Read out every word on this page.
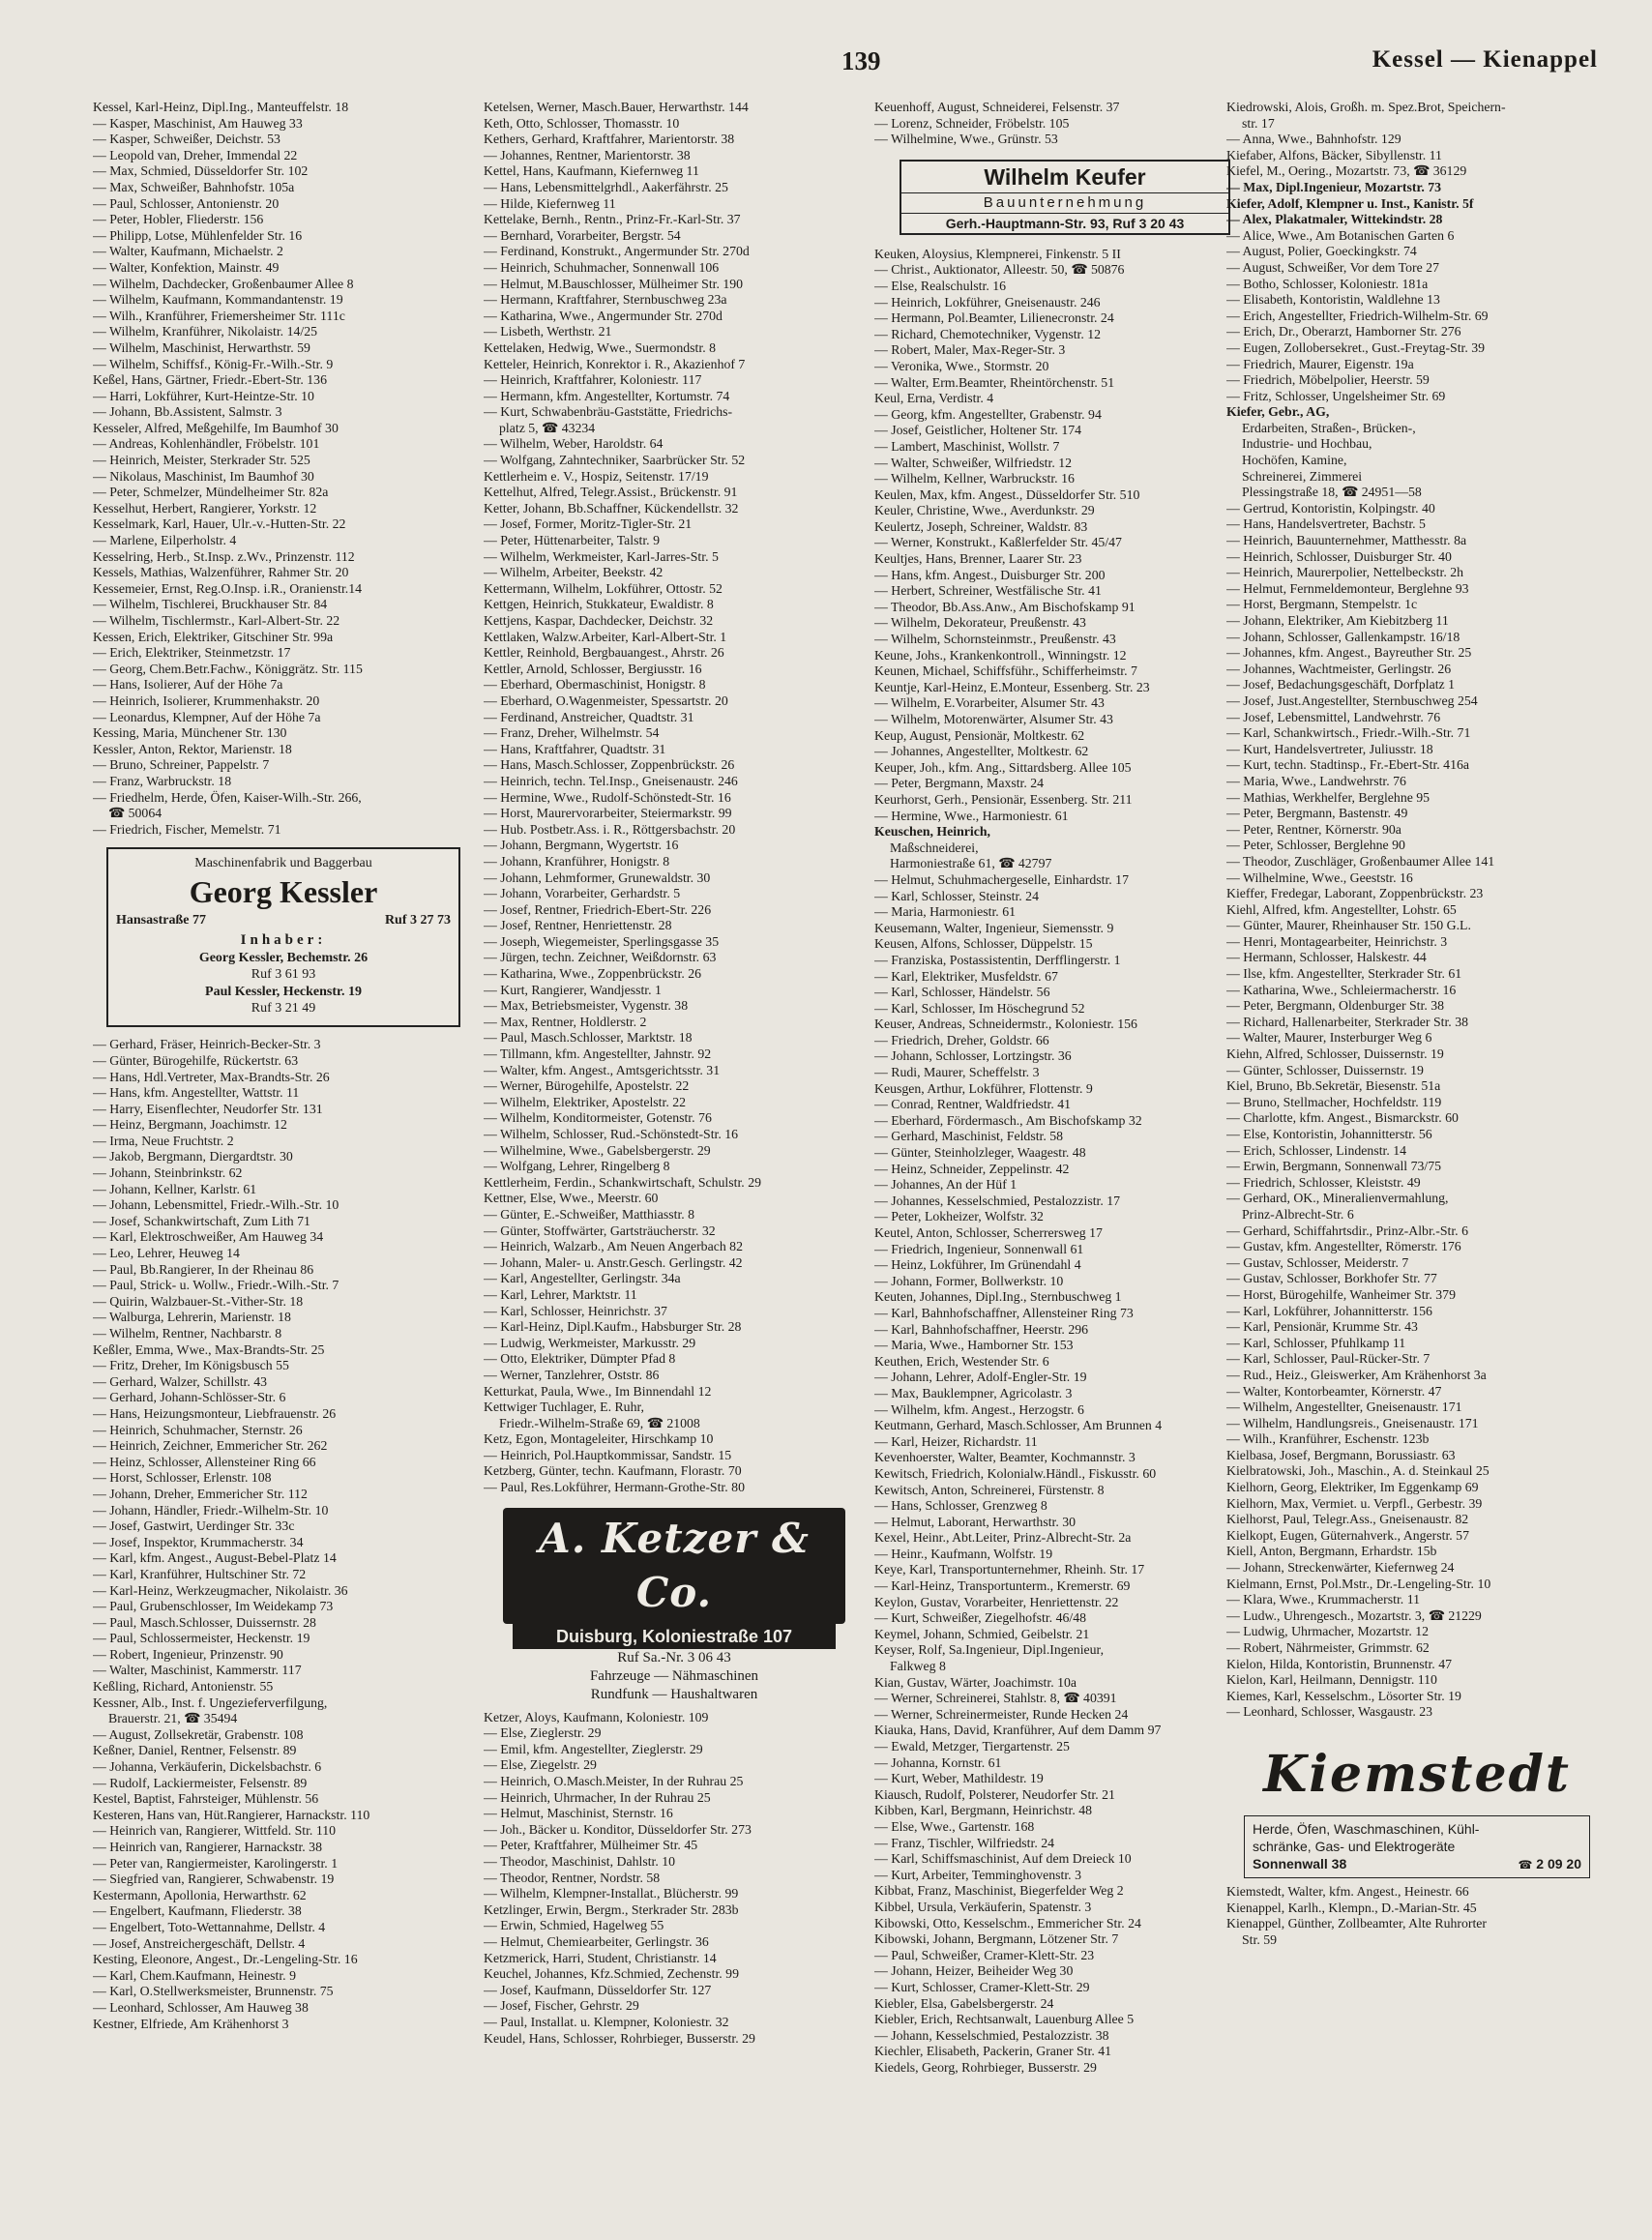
139	Kessel — Kienappel
Kessel, Karl-Heinz, Dipl.Ing., Manteuffelstr. 18
— Kasper, Maschinist, Am Hauweg 33
— Kasper, Schweißer, Deichstr. 53
— Leopold van, Dreher, Immendal 22
— Max, Schmied, Düsseldorfer Str. 102
— Max, Schweißer, Bahnhofstr. 105a
— Paul, Schlosser, Antonienstr. 20
— Peter, Hobler, Fliederstr. 156
— Philipp, Lotse, Mühlenfelder Str. 16
— Walter, Kaufmann, Michaelstr. 2
— Walter, Konfektion, Mainstr. 49
— Wilhelm, Dachdecker, Großenbaumer Allee 8
— Wilhelm, Kaufmann, Kommandantenstr. 19
— Wilh., Kranführer, Friemersheimer Str. 111c
— Wilhelm, Kranführer, Nikolaistr. 14/25
— Wilhelm, Maschinist, Herwarthstr. 59
— Wilhelm, Schiffsf., König-Fr.-Wilh.-Str. 9
Keßel, Hans, Gärtner, Friedr.-Ebert-Str. 136
— Harri, Lokführer, Kurt-Heintze-Str. 10
— Johann, Bb.Assistent, Salmstr. 3
Kesseler, Alfred, Meßgehilfe, Im Baumhof 30
— Andreas, Kohlenhändler, Fröbelstr. 101
— Heinrich, Meister, Sterkrader Str. 525
— Nikolaus, Maschinist, Im Baumhof 30
— Peter, Schmelzer, Mündelheimer Str. 82a
Kesselhut, Herbert, Rangierer, Yorkstr. 12
Kesselmark, Karl, Hauer, Ulr.-v.-Hutten-Str. 22
— Marlene, Eilperholstr. 4
Kesselring, Herb., St.Insp. z.Wv., Prinzenstr. 112
Kessels, Mathias, Walzenführer, Rahmer Str. 20
Kessemeier, Ernst, Reg.O.Insp. i.R., Oranienstr.14
— Wilhelm, Tischlerei, Bruckhauser Str. 84
— Wilhelm, Tischlermstr., Karl-Albert-Str. 22
Kessen, Erich, Elektriker, Gitschiner Str. 99a
— Erich, Elektriker, Steinmetzstr. 17
— Georg, Chem.Betr.Fachw., Königgrätz. Str. 115
— Hans, Isolierer, Auf der Höhe 7a
— Heinrich, Isolierer, Krummenhakstr. 20
— Leonardus, Klempner, Auf der Höhe 7a
Kessing, Maria, Münchener Str. 130
Kessler, Anton, Rektor, Marienstr. 18
— Bruno, Schreiner, Pappelstr. 7
— Franz, Warbruckstr. 18
— Friedhelm, Herde, Öfen, Kaiser-Wilh.-Str. 266,
☎ 50064
— Friedrich, Fischer, Memelstr. 71
Maschinenfabrik und Baggerbau
Georg Kessler
Hansastraße 77	Ruf 3 27 73
Inhaber:
Georg Kessler, Bechemstr. 26
Ruf 3 61 93
Paul Kessler, Heckenstr. 19
Ruf 3 21 49
— Gerhard, Fräser, Heinrich-Becker-Str. 3
— Günter, Bürogehilfe, Rückertstr. 63
— Hans, Hdl.Vertreter, Max-Brandts-Str. 26
— Hans, kfm. Angestellter, Wattstr. 11
— Harry, Eisenflechter, Neudorfer Str. 131
— Heinz, Bergmann, Joachimstr. 12
— Irma, Neue Fruchtstr. 2
— Jakob, Bergmann, Diergardtstr. 30
— Johann, Steinbrinkstr. 62
— Johann, Kellner, Karlstr. 61
— Johann, Lebensmittel, Friedr.-Wilh.-Str. 10
— Josef, Schankwirtschaft, Zum Lith 71
— Karl, Elektroschweißer, Am Hauweg 34
— Leo, Lehrer, Heuweg 14
— Paul, Bb.Rangierer, In der Rheinau 86
— Paul, Strick- u. Wollw., Friedr.-Wilh.-Str. 7
— Quirin, Walzbauer-St.-Vither-Str. 18
— Walburga, Lehrerin, Marienstr. 18
— Wilhelm, Rentner, Nachbarstr. 8
Keßler, Emma, Wwe., Max-Brandts-Str. 25
— Fritz, Dreher, Im Königsbusch 55
— Gerhard, Walzer, Schillstr. 43
— Gerhard, Johann-Schlösser-Str. 6
— Hans, Heizungsmonteur, Liebfrauenstr. 26
— Heinrich, Schuhmacher, Sternstr. 26
— Heinrich, Zeichner, Emmericher Str. 262
— Heinz, Schlosser, Allensteiner Ring 66
— Horst, Schlosser, Erlenstr. 108
— Johann, Dreher, Emmericher Str. 112
— Johann, Händler, Friedr.-Wilhelm-Str. 10
— Josef, Gastwirt, Uerdinger Str. 33c
— Josef, Inspektor, Krummacherstr. 34
— Karl, kfm. Angest., August-Bebel-Platz 14
— Karl, Kranführer, Hultschiner Str. 72
— Karl-Heinz, Werkzeugmacher, Nikolaistr. 36
— Paul, Grubenschlosser, Im Weidekamp 73
— Paul, Masch.Schlosser, Duissernstr. 28
— Paul, Schlossermeister, Heckenstr. 19
— Robert, Ingenieur, Prinzenstr. 90
— Walter, Maschinist, Kammerstr. 117
Keßling, Richard, Antonienstr. 55
Kessner, Alb., Inst. f. Ungezieferverfilgung,
Brauerstr. 21, ☎ 35494
— August, Zollsekretär, Grabenstr. 108
Keßner, Daniel, Rentner, Felsenstr. 89
— Johanna, Verkäuferin, Dickelsbachstr. 6
— Rudolf, Lackiermeister, Felsenstr. 89
Kestel, Baptist, Fahrsteiger, Mühlenstr. 56
Kesteren, Hans van, Hüt.Rangierer, Harnackstr. 110
— Heinrich van, Rangierer, Wittfeld. Str. 110
— Heinrich van, Rangierer, Harnackstr. 38
— Peter van, Rangiermeister, Karolingerstr. 1
— Siegfried van, Rangierer, Schwabenstr. 19
Kestermann, Apollonia, Herwarthstr. 62
— Engelbert, Kaufmann, Fliederstr. 38
— Engelbert, Toto-Wettannahme, Dellstr. 4
— Josef, Anstreichergeschäft, Dellstr. 4
Kesting, Eleonore, Angest., Dr.-Lengeling-Str. 16
— Karl, Chem.Kaufmann, Heinestr. 9
— Karl, O.Stellwerksmeister, Brunnenstr. 75
— Leonhard, Schlosser, Am Hauweg 38
Kestner, Elfriede, Am Krähenhorst 3
Ketelsen, Werner, Masch.Bauer, Herwarthstr. 144
Keth, Otto, Schlosser, Thomasstr. 10
Kethers, Gerhard, Kraftfahrer, Marientorstr. 38
— Johannes, Rentner, Marientorstr. 38
Kettel, Hans, Kaufmann, Kiefernweg 11
— Hans, Lebensmittelgrhdl., Aakerfährstr. 25
— Hilde, Kiefernweg 11
Kettelake, Bernh., Rentn., Prinz-Fr.-Karl-Str. 37
— Bernhard, Vorarbeiter, Bergstr. 54
— Ferdinand, Konstrukt., Angermunder Str. 270d
— Heinrich, Schuhmacher, Sonnenwall 106
— Helmut, M.Bauschlosser, Mülheimer Str. 190
— Hermann, Kraftfahrer, Sternbuschweg 23a
— Katharina, Wwe., Angermunder Str. 270d
— Lisbeth, Werthstr. 21
Kettelaken, Hedwig, Wwe., Suermondstr. 8
Ketteler, Heinrich, Konrektor i. R., Akazienhof 7
— Heinrich, Kraftfahrer, Koloniestr. 117
— Hermann, kfm. Angestellter, Kortumstr. 74
— Kurt, Schwabenbräu-Gaststätte, Friedrichs-
platz 5, ☎ 43234
— Wilhelm, Weber, Haroldstr. 64
— Wolfgang, Zahntechniker, Saarbrücker Str. 52
Kettlerheim e. V., Hospiz, Seitenstr. 17/19
Kettelhut, Alfred, Telegr.Assist., Brückenstr. 91
Ketter, Johann, Bb.Schaffner, Kückendellstr. 32
— Josef, Former, Moritz-Tigler-Str. 21
— Peter, Hüttenarbeiter, Talstr. 9
— Wilhelm, Werkmeister, Karl-Jarres-Str. 5
— Wilhelm, Arbeiter, Beekstr. 42
Kettermann, Wilhelm, Lokführer, Ottostr. 52
Kettgen, Heinrich, Stukkateur, Ewaldistr. 8
Kettjens, Kaspar, Dachdecker, Deichstr. 32
Kettlaken, Walzw.Arbeiter, Karl-Albert-Str. 1
Kettler, Reinhold, Bergbauangest., Ahrstr. 26
Kettler, Arnold, Schlosser, Bergiusstr. 16
— Eberhard, Obermaschinist, Honigstr. 8
— Eberhard, O.Wagenmeister, Spessartstr. 20
— Ferdinand, Anstreicher, Quadtstr. 31
— Franz, Dreher, Wilhelmstr. 54
— Hans, Kraftfahrer, Quadtstr. 31
— Hans, Masch.Schlosser, Zoppenbrückstr. 26
— Heinrich, techn. Tel.Insp., Gneisenaustr. 246
— Hermine, Wwe., Rudolf-Schönstedt-Str. 16
— Horst, Maurervorarbeiter, Steiermarkstr. 99
— Hub. Postbetr.Ass. i. R., Röttgersbachstr. 20
— Johann, Bergmann, Wygertstr. 16
— Johann, Kranführer, Honigstr. 8
— Johann, Lehmformer, Grunewaldstr. 30
— Johann, Vorarbeiter, Gerhardstr. 5
— Josef, Rentner, Friedrich-Ebert-Str. 226
— Josef, Rentner, Henriettenstr. 28
— Joseph, Wiegemeister, Sperlingsgasse 35
— Jürgen, techn. Zeichner, Weißdornstr. 63
— Katharina, Wwe., Zoppenbrückstr. 26
— Kurt, Rangierer, Wandjesstr. 1
— Max, Betriebsmeister, Vygenstr. 38
— Max, Rentner, Holdlerstr. 2
— Paul, Masch.Schlosser, Marktstr. 18
— Tillmann, kfm. Angestellter, Jahnstr. 92
— Walter, kfm. Angest., Amtsgerichtsstr. 31
— Werner, Bürogehilfe, Apostelstr. 22
— Wilhelm, Elektriker, Apostelstr. 22
— Wilhelm, Konditormeister, Gotenstr. 76
— Wilhelm, Schlosser, Rud.-Schönstedt-Str. 16
— Wilhelmine, Wwe., Gabelsbergerstr. 29
— Wolfgang, Lehrer, Ringelberg 8
Kettlerheim, Ferdin., Schankwirtschaft, Schulstr. 29
Kettner, Else, Wwe., Meerstr. 60
— Günter, E.-Schweißer, Matthiasstr. 8
— Günter, Stoffwärter, Gartsträucherstr. 32
— Heinrich, Walzarb., Am Neuen Angerbach 82
— Johann, Maler- u. Anstr.Gesch. Gerlingstr. 42
— Karl, Angestellter, Gerlingstr. 34a
— Karl, Lehrer, Marktstr. 11
— Karl, Schlosser, Heinrichstr. 37
— Karl-Heinz, Dipl.Kaufm., Habsburger Str. 28
— Ludwig, Werkmeister, Markusstr. 29
— Otto, Elektriker, Dümpter Pfad 8
— Werner, Tanzlehrer, Oststr. 86
Ketturkat, Paula, Wwe., Im Binnendahl 12
Kettwiger Tuchlager, E. Ruhr,
Friedr.-Wilhelm-Straße 69, ☎ 21008
Ketz, Egon, Montageleiter, Hirschkamp 10
— Heinrich, Pol.Hauptkommissar, Sandstr. 15
Ketzberg, Günter, techn. Kaufmann, Florastr. 70
— Paul, Res.Lokführer, Hermann-Grothe-Str. 80
A. Ketzer & Co.
Duisburg, Koloniestraße 107
Ruf Sa.-Nr. 3 06 43
Fahrzeuge — Nähmaschinen
Rundfunk — Haushaltwaren
Ketzer, Aloys, Kaufmann, Koloniestr. 109
— Else, Zieglerstr. 29
— Emil, kfm. Angestellter, Zieglerstr. 29
— Else, Ziegelstr. 29
— Heinrich, O.Masch.Meister, In der Ruhrau 25
— Heinrich, Uhrmacher, In der Ruhrau 25
— Helmut, Maschinist, Sternstr. 16
— Joh., Bäcker u. Konditor, Düsseldorfer Str. 273
— Peter, Kraftfahrer, Mülheimer Str. 45
— Theodor, Maschinist, Dahlstr. 10
— Theodor, Rentner, Nordstr. 58
— Wilhelm, Klempner-Installat., Blücherstr. 99
Ketzlinger, Erwin, Bergm., Sterkrader Str. 283b
— Erwin, Schmied, Hagelweg 55
— Helmut, Chemiearbeiter, Gerlingstr. 36
Ketzmerick, Harri, Student, Christianstr. 14
Keuchel, Johannes, Kfz.Schmied, Zechenstr. 99
— Josef, Kaufmann, Düsseldorfer Str. 127
— Josef, Fischer, Gehrstr. 29
— Paul, Installat. u. Klempner, Koloniestr. 32
Keudel, Hans, Schlosser, Rohrbieger, Busserstr. 29
Keuenhoff, August, Schneiderei, Felsenstr. 37
— Lorenz, Schneider, Fröbelstr. 105
— Wilhelmine, Wwe., Grünstr. 53
Wilhelm Keufer
Bauunternehmung
Gerh.-Hauptmann-Str. 93, Ruf 3 20 43
Keuken, Aloysius, Klempnerei, Finkenstr. 5 II
— Christ., Auktionator, Alleestr. 50, ☎ 50876
— Else, Realschulstr. 16
— Heinrich, Lokführer, Gneisenaustr. 246
— Hermann, Pol.Beamter, Lilienecronstr. 24
— Richard, Chemotechniker, Vygenstr. 12
— Robert, Maler, Max-Reger-Str. 3
— Veronika, Wwe., Stormstr. 20
— Walter, Erm.Beamter, Rheintörchenstr. 51
Keul, Erna, Verdistr. 4
— Georg, kfm. Angestellter, Grabenstr. 94
— Josef, Geistlicher, Holtener Str. 174
— Lambert, Maschinist, Wollstr. 7
— Walter, Schweißer, Wilfriedstr. 12
— Wilhelm, Kellner, Warbruckstr. 16
Keulen, Max, kfm. Angest., Düsseldorfer Str. 510
Keuler, Christine, Wwe., Averdunkstr. 29
Keulertz, Joseph, Schreiner, Waldstr. 83
— Werner, Konstrukt., Kaßlerfelder Str. 45/47
Keultjes, Hans, Brenner, Laarer Str. 23
— Hans, kfm. Angest., Duisburger Str. 200
— Herbert, Schreiner, Westfälische Str. 41
— Theodor, Bb.Ass.Anw., Am Bischofskamp 91
— Wilhelm, Dekorateur, Preußenstr. 43
— Wilhelm, Schornsteinmstr., Preußenstr. 43
Keune, Johs., Krankenkontroll., Winningstr. 12
Keunen, Michael, Schiffsführ., Schifferheimstr. 7
Keuntje, Karl-Heinz, E.Monteur, Essenberg. Str. 23
— Wilhelm, E.Vorarbeiter, Alsumer Str. 43
— Wilhelm, Motorenwärter, Alsumer Str. 43
Keup, August, Pensionär, Moltkestr. 62
— Johannes, Angestellter, Moltkestr. 62
Keuper, Joh., kfm. Ang., Sittardsberg. Allee 105
— Peter, Bergmann, Maxstr. 24
Keurhorst, Gerh., Pensionär, Essenberg. Str. 211
— Hermine, Wwe., Harmoniestr. 61
Keuschen, Heinrich,
Maßschneiderei,
Harmoniestraße 61, ☎ 42797
— Helmut, Schuhmachergeselle, Einhardstr. 17
— Karl, Schlosser, Steinstr. 24
— Maria, Harmoniestr. 61
Keusemann, Walter, Ingenieur, Siemensstr. 9
Keusen, Alfons, Schlosser, Düppelstr. 15
— Franziska, Postassistentin, Derfflingerstr. 1
— Karl, Elektriker, Musfeldstr. 67
— Karl, Schlosser, Händelstr. 56
— Karl, Schlosser, Im Höschegrund 52
Keuser, Andreas, Schneidermstr., Koloniestr. 156
— Friedrich, Dreher, Goldstr. 66
— Johann, Schlosser, Lortzingstr. 36
— Rudi, Maurer, Scheffelstr. 3
Keusgen, Arthur, Lokführer, Flottenstr. 9
— Conrad, Rentner, Waldfriedstr. 41
— Eberhard, Fördermasch., Am Bischofskamp 32
— Gerhard, Maschinist, Feldstr. 58
— Günter, Steinholzleger, Waagestr. 48
— Heinz, Schneider, Zeppelinstr. 42
— Johannes, An der Hüf 1
— Johannes, Kesselschmied, Pestalozzistr. 17
— Peter, Lokheizer, Wolfstr. 32
Keutel, Anton, Schlosser, Scherrersweg 17
— Friedrich, Ingenieur, Sonnenwall 61
— Heinz, Lokführer, Im Grünendahl 4
— Johann, Former, Bollwerkstr. 10
Keuten, Johannes, Dipl.Ing., Sternbuschweg 1
— Karl, Bahnhofschaffner, Allensteiner Ring 73
— Karl, Bahnhofschaffner, Heerstr. 296
— Maria, Wwe., Hamborner Str. 153
Keuthen, Erich, Westender Str. 6
— Johann, Lehrer, Adolf-Engler-Str. 19
— Max, Bauklempner, Agricolastr. 3
— Wilhelm, kfm. Angest., Herzogstr. 6
Keutmann, Gerhard, Masch.Schlosser, Am Brunnen 4
— Karl, Heizer, Richardstr. 11
Kevenhoerster, Walter, Beamter, Kochmannstr. 3
Kewitsch, Friedrich, Kolonialw.Händl., Fiskusstr. 60
Kewitsch, Anton, Schreinerei, Fürstenstr. 8
— Hans, Schlosser, Grenzweg 8
— Helmut, Laborant, Herwarthstr. 30
Kexel, Heinr., Abt.Leiter, Prinz-Albrecht-Str. 2a
— Heinr., Kaufmann, Wolfstr. 19
Keye, Karl, Transportunternehmer, Rheinh. Str. 17
— Karl-Heinz, Transportunterm., Kremerstr. 69
Keylon, Gustav, Vorarbeiter, Henriettenstr. 22
— Kurt, Schweißer, Ziegelhofstr. 46/48
Keymel, Johann, Schmied, Geibelstr. 21
Keyser, Rolf, Sa.Ingenieur, Dipl.Ingenieur,
Falkweg 8
Kian, Gustav, Wärter, Joachimstr. 10a
— Werner, Schreinerei, Stahlstr. 8, ☎ 40391
— Werner, Schreinermeister, Runde Hecken 24
Kiauka, Hans, David, Kranführer, Auf dem Damm 97
— Ewald, Metzger, Tiergartenstr. 25
— Johanna, Kornstr. 61
— Kurt, Weber, Mathildestr. 19
Kiausch, Rudolf, Polsterer, Neudorfer Str. 21
Kibben, Karl, Bergmann, Heinrichstr. 48
— Else, Wwe., Gartenstr. 168
— Franz, Tischler, Wilfriedstr. 24
— Karl, Schiffsmaschinist, Auf dem Dreieck 10
— Kurt, Arbeiter, Temminghovenstr. 3
Kibbat, Franz, Maschinist, Biegerfelder Weg 2
Kibbel, Ursula, Verkäuferin, Spatenstr. 3
Kibowski, Otto, Kesselschm., Emmericher Str. 24
Kibowski, Johann, Bergmann, Lötzener Str. 7
— Paul, Schweißer, Cramer-Klett-Str. 23
— Johann, Heizer, Beiheider Weg 30
— Kurt, Schlosser, Cramer-Klett-Str. 29
Kiebler, Elsa, Gabelsbergerstr. 24
Kiebler, Erich, Rechtsanwalt, Lauenburg Allee 5
— Johann, Kesselschmied, Pestalozzistr. 38
Kiechler, Elisabeth, Packerin, Graner Str. 41
Kiedels, Georg, Rohrbieger, Busserstr. 29
Kiedrowski, Alois, Großh. m. Spez.Brot, Speichern-
str. 17
— Anna, Wwe., Bahnhofstr. 129
Kiefaber, Alfons, Bäcker, Sibyllenstr. 11
Kiefel, M., Oering., Mozartstr. 73, ☎ 36129
— Max, Dipl.Ingenieur, Mozartstr. 73
Kiefer, Adolf, Klempner u. Inst., Kanistr. 5f
— Alex, Plakatmaler, Wittekindstr. 28
— Alice, Wwe., Am Botanischen Garten 6
— August, Polier, Goeckingkstr. 74
— August, Schweißer, Vor dem Tore 27
— Botho, Schlosser, Koloniestr. 181a
— Elisabeth, Kontoristin, Waldlehne 13
— Erich, Angestellter, Friedrich-Wilhelm-Str. 69
— Erich, Dr., Oberarzt, Hamborner Str. 276
— Eugen, Zollobersekret., Gust.-Freytag-Str. 39
— Friedrich, Maurer, Eigenstr. 19a
— Friedrich, Möbelpolier, Heerstr. 59
— Fritz, Schlosser, Ungelsheimer Str. 69
Kiefer, Gebr., AG,
Erdarbeiten, Straßen-, Brücken-,
Industrie- und Hochbau,
Hochöfen, Kamine,
Schreinerei, Zimmerei
Plessingstraße 18, ☎ 24951—58
— Gertrud, Kontoristin, Kolpingstr. 40
— Hans, Handelsvertreter, Bachstr. 5
— Heinrich, Bauunternehmer, Matthesstr. 8a
— Heinrich, Schlosser, Duisburger Str. 40
— Heinrich, Maurerpolier, Nettelbeckstr. 2h
— Helmut, Fernmeldemonteur, Berglehne 93
— Horst, Bergmann, Stempelstr. 1c
— Johann, Elektriker, Am Kiebitzberg 11
— Johann, Schlosser, Gallenkampstr. 16/18
— Johannes, kfm. Angest., Bayreuther Str. 25
— Johannes, Wachtmeister, Gerlingstr. 26
— Josef, Bedachungsgeschäft, Dorfplatz 1
— Josef, Just.Angestellter, Sternbuschweg 254
— Josef, Lebensmittel, Landwehrstr. 76
— Karl, Schankwirtsch., Friedr.-Wilh.-Str. 71
— Kurt, Handelsvertreter, Juliusstr. 18
— Kurt, techn. Stadtinsp., Fr.-Ebert-Str. 416a
— Maria, Wwe., Landwehrstr. 76
— Mathias, Werkhelfer, Berglehne 95
— Peter, Bergmann, Bastenstr. 49
— Peter, Rentner, Körnerstr. 90a
— Peter, Schlosser, Berglehne 90
— Theodor, Zuschläger, Großenbaumer Allee 141
— Wilhelmine, Wwe., Geeststr. 16
Kieffer, Fredegar, Laborant, Zoppenbrückstr. 23
Kiehl, Alfred, kfm. Angestellter, Lohstr. 65
— Günter, Maurer, Rheinhauser Str. 150 G.L.
— Henri, Montagearbeiter, Heinrichstr. 3
— Hermann, Schlosser, Halskestr. 44
— Ilse, kfm. Angestellter, Sterkrader Str. 61
— Katharina, Wwe., Schleiermacherstr. 16
— Peter, Bergmann, Oldenburger Str. 38
— Richard, Hallenarbeiter, Sterkrader Str. 38
— Walter, Maurer, Insterburger Weg 6
Kiehn, Alfred, Schlosser, Duissernstr. 19
— Günter, Schlosser, Duissernstr. 19
Kiel, Bruno, Bb.Sekretär, Biesenstr. 51a
— Bruno, Stellmacher, Hochfeldstr. 119
— Charlotte, kfm. Angest., Bismarckstr. 60
— Else, Kontoristin, Johannitterstr. 56
— Erich, Schlosser, Lindenstr. 14
— Erwin, Bergmann, Sonnenwall 73/75
— Friedrich, Schlosser, Kleiststr. 49
— Gerhard, OK., Mineralienvermahlung,
Prinz-Albrecht-Str. 6
— Gerhard, Schiffahrtsdir., Prinz-Albr.-Str. 6
— Gustav, kfm. Angestellter, Römerstr. 176
— Gustav, Schlosser, Meiderstr. 7
— Gustav, Schlosser, Borkhofer Str. 77
— Horst, Bürogehilfe, Wanheimer Str. 379
— Karl, Lokführer, Johannitterstr. 156
— Karl, Pensionär, Krumme Str. 43
— Karl, Schlosser, Pfuhlkamp 11
— Karl, Schlosser, Paul-Rücker-Str. 7
— Rud., Heiz., Gleiswerker, Am Krähenhorst 3a
— Walter, Kontorbeamter, Körnerstr. 47
— Wilhelm, Angestellter, Gneisenaustr. 171
— Wilhelm, Handlungsreis., Gneisenaustr. 171
— Wilh., Kranführer, Eschenstr. 123b
Kielbasa, Josef, Bergmann, Borussiastr. 63
Kielbratowski, Joh., Maschin., A. d. Steinkaul 25
Kielhorn, Georg, Elektriker, Im Eggenkamp 69
Kielhorn, Max, Vermiet. u. Verpfl., Gerbestr. 39
Kielhorst, Paul, Telegr.Ass., Gneisenaustr. 82
Kielkopt, Eugen, Güternahverk., Angerstr. 57
Kiell, Anton, Bergmann, Erhardstr. 15b
— Johann, Streckenwärter, Kiefernweg 24
Kielmann, Ernst, Pol.Mstr., Dr.-Lengeling-Str. 10
— Klara, Wwe., Krummacherstr. 11
— Ludw., Uhrengesch., Mozartstr. 3, ☎ 21229
— Ludwig, Uhrmacher, Mozartstr. 12
— Robert, Nährmeister, Grimmstr. 62
Kielon, Hilda, Kontoristin, Brunnenstr. 47
Kielon, Karl, Heilmann, Dennigstr. 110
Kiemes, Karl, Kesselschm., Lösorter Str. 19
— Leonhard, Schlosser, Wasgaustr. 23
Kiemstedt
Herde, Öfen, Waschmaschinen, Kühl-
schränke, Gas- und Elektrogeräte
Sonnenwall 38	☎ 2 09 20
Kiemstedt, Walter, kfm. Angest., Heinestr. 66
Kienappel, Karlh., Klempn., D.-Marian-Str. 45
Kienappel, Günther, Zollbeamter, Alte Ruhrorter
Str. 59
